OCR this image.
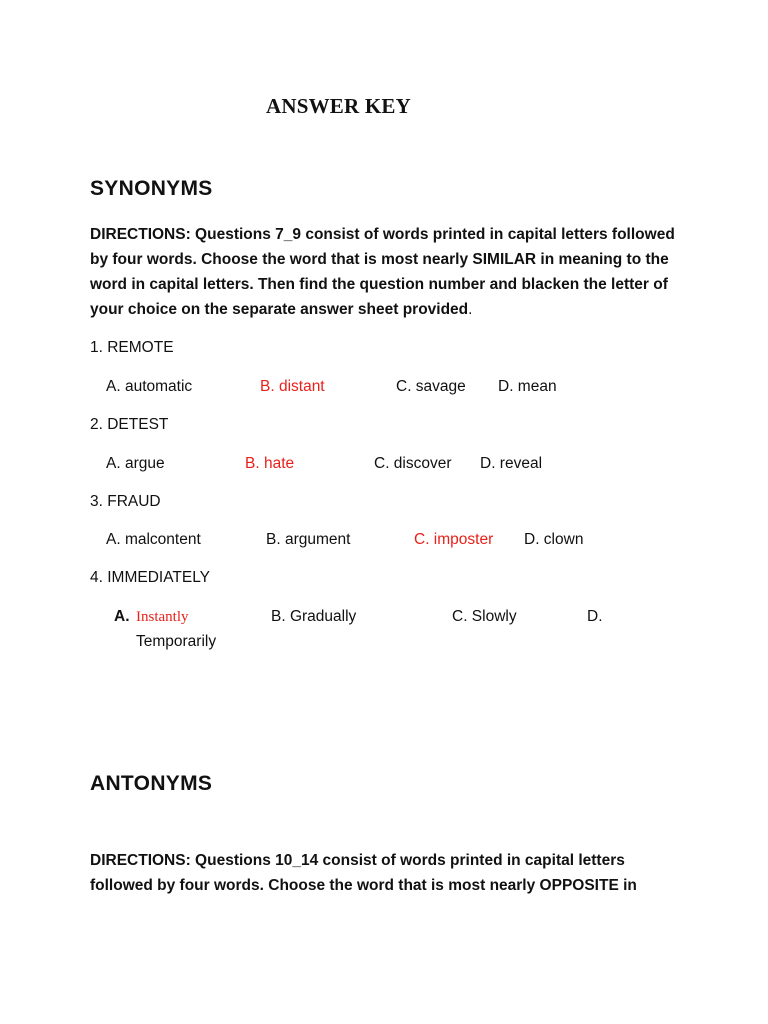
ANSWER KEY
SYNONYMS
DIRECTIONS: Questions 7_9 consist of words printed in capital letters followed by four words. Choose the word that is most nearly SIMILAR in meaning to the word in capital letters. Then find the question number and blacken the letter of your choice on the separate answer sheet provided.
1. REMOTE
A. automatic	B. distant	C. savage D. mean
2. DETEST
A. argue	B. hate	C. discover D. reveal
3. FRAUD
A. malcontent	B. argument	C. imposter D. clown
4. IMMEDIATELY
A. Instantly	B. Gradually	C. Slowly	D.
Temporarily
ANTONYMS
DIRECTIONS: Questions 10_14 consist of words printed in capital letters followed by four words. Choose the word that is most nearly OPPOSITE in
